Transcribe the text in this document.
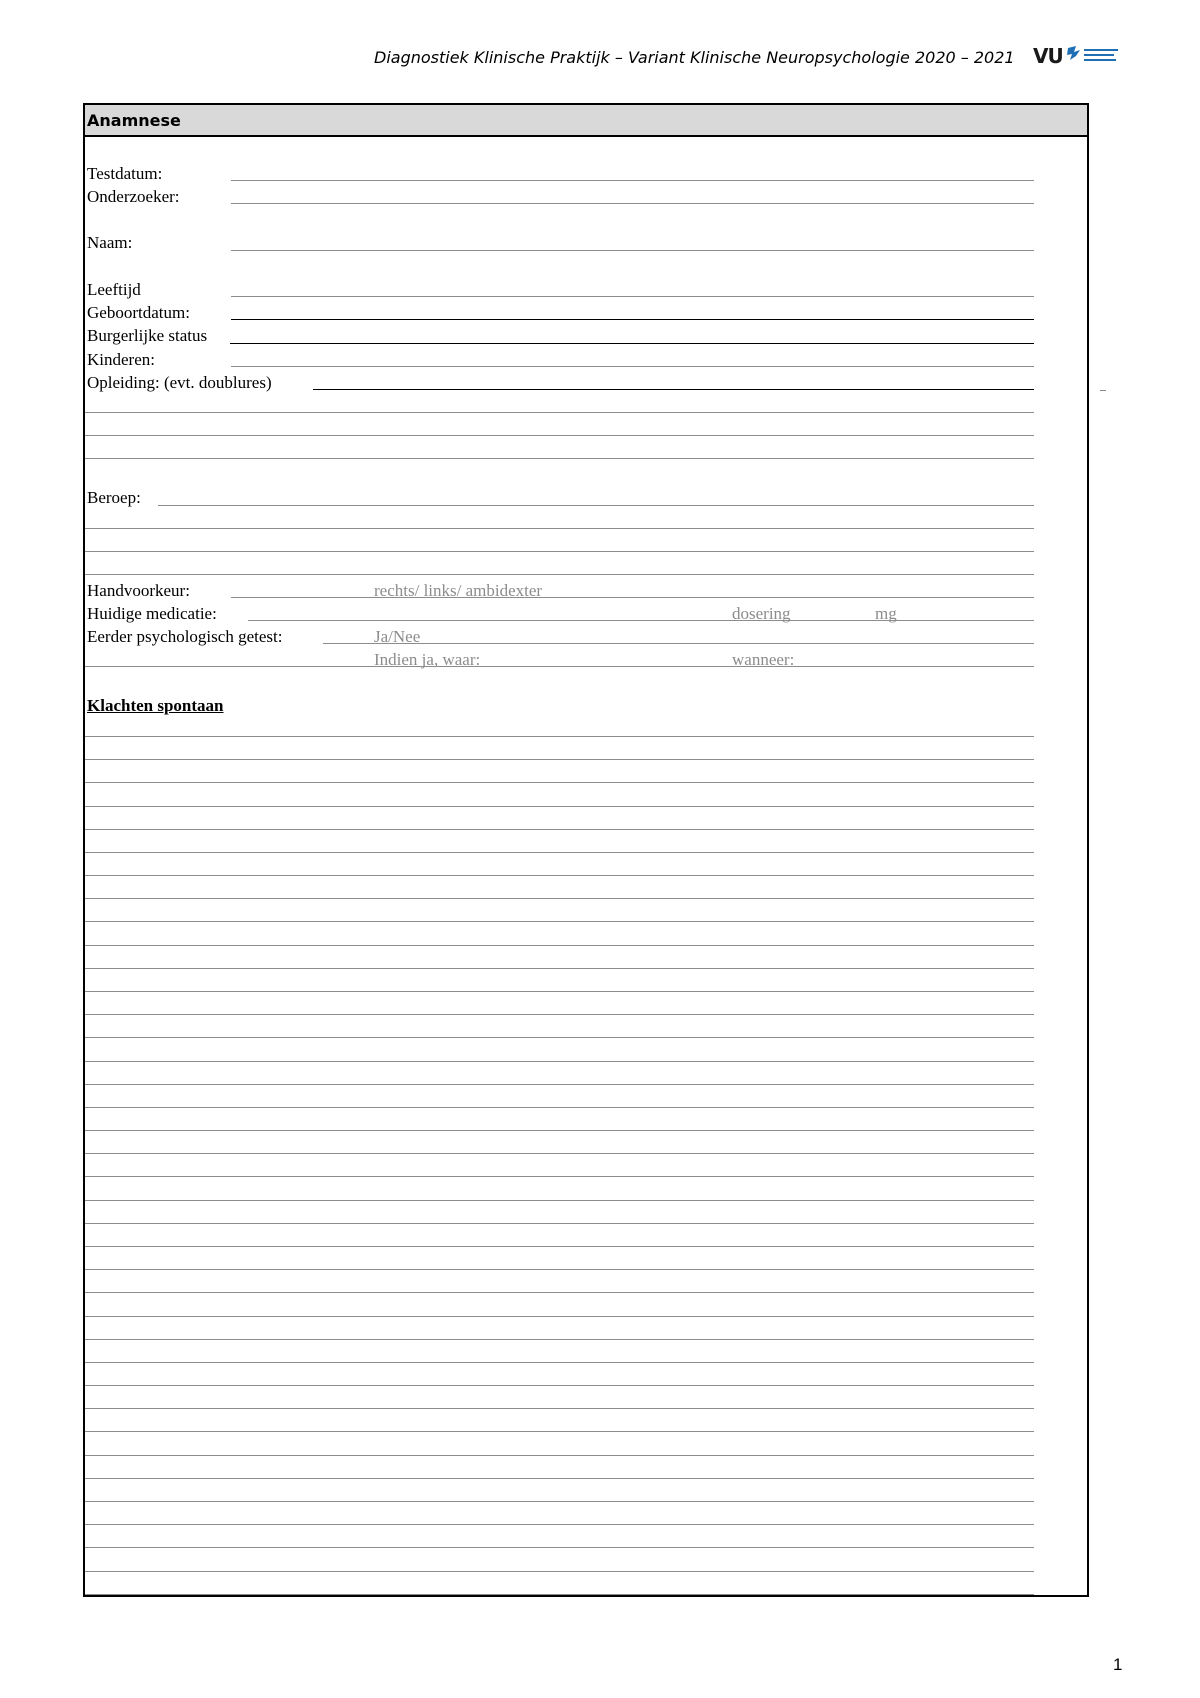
Diagnostiek Klinische Praktijk – Variant Klinische Neuropsychologie 2020 – 2021 VU
Anamnese
Testdatum:
Onderzoeker:
Naam:
Leeftijd
Geboortdatum:
Burgerlijke status
Kinderen:
Opleiding: (evt. doublures)
Beroep:
Handvoorkeur:	rechts/ links/ ambidexter
Huidige medicatie:	dosering	mg
Eerder psychologisch getest:	Ja/Nee
Indien ja, waar:	wanneer:
Klachten spontaan
1
